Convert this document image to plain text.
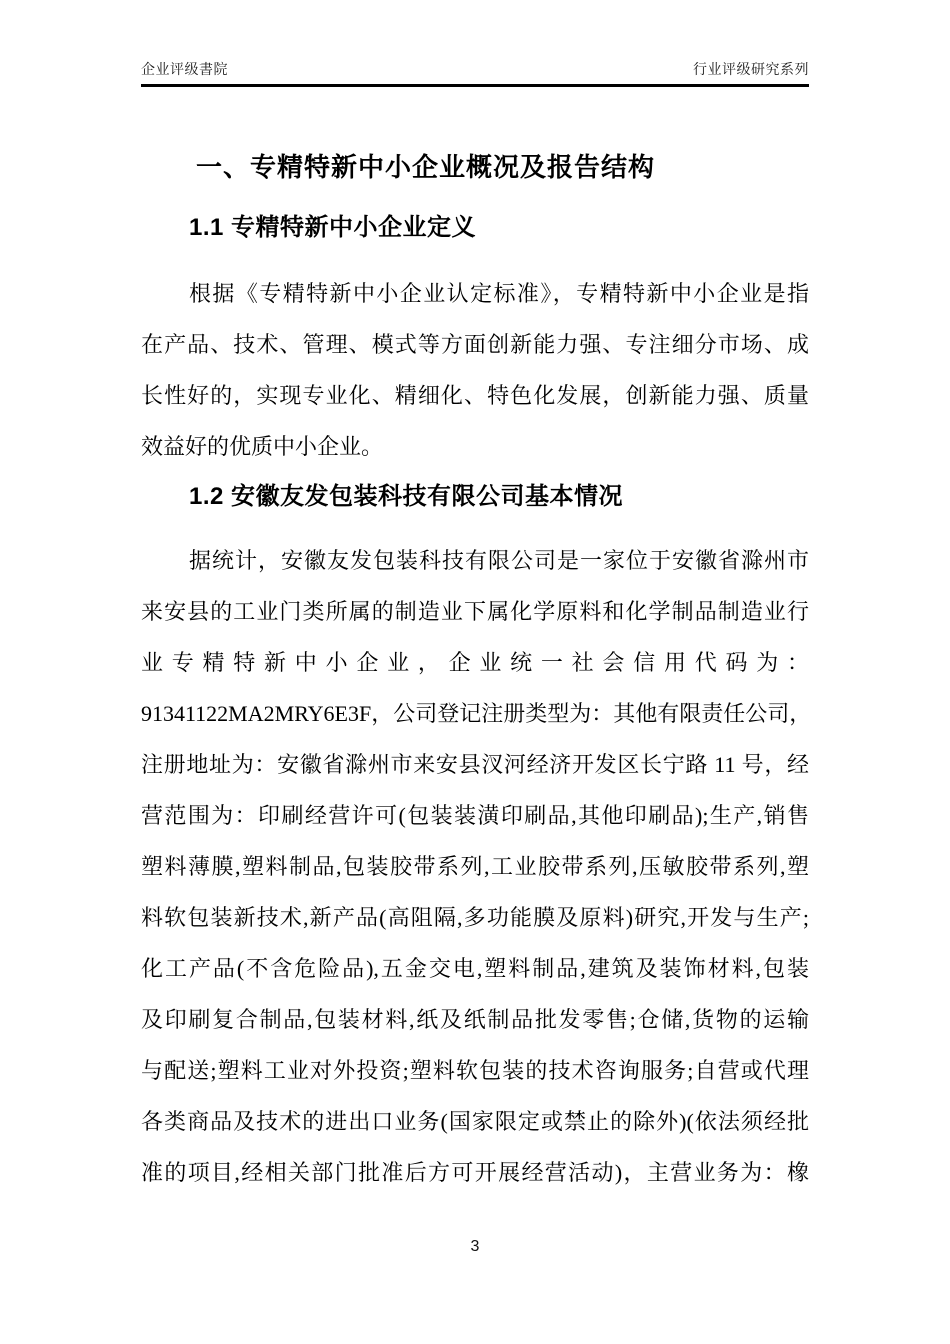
企业评级書院	行业评级研究系列
一、专精特新中小企业概况及报告结构
1.1 专精特新中小企业定义
根据《专精特新中小企业认定标准》，专精特新中小企业是指
在产品、技术、管理、模式等方面创新能力强、专注细分市场、成
长性好的，实现专业化、精细化、特色化发展，创新能力强、质量
效益好的优质中小企业。
1.2 安徽友发包装科技有限公司基本情况
据统计，安徽友发包装科技有限公司是一家位于安徽省滁州市
来安县的工业门类所属的制造业下属化学原料和化学制品制造业行
业专精特新中小企业，企业统一社会信用代码为：
91341122MA2MRY6E3F，公司登记注册类型为：其他有限责任公司，
注册地址为：安徽省滁州市来安县汊河经济开发区长宁路 11 号，经
营范围为：印刷经营许可(包装装潢印刷品,其他印刷品);生产,销售
塑料薄膜,塑料制品,包装胶带系列,工业胶带系列,压敏胶带系列,塑
料软包装新技术,新产品(高阻隔,多功能膜及原料)研究,开发与生产;
化工产品(不含危险品),五金交电,塑料制品,建筑及装饰材料,包装
及印刷复合制品,包装材料,纸及纸制品批发零售;仓储,货物的运输
与配送;塑料工业对外投资;塑料软包装的技术咨询服务;自营或代理
各类商品及技术的进出口业务(国家限定或禁止的除外)(依法须经批
准的项目,经相关部门批准后方可开展经营活动)，主营业务为：橡
3
